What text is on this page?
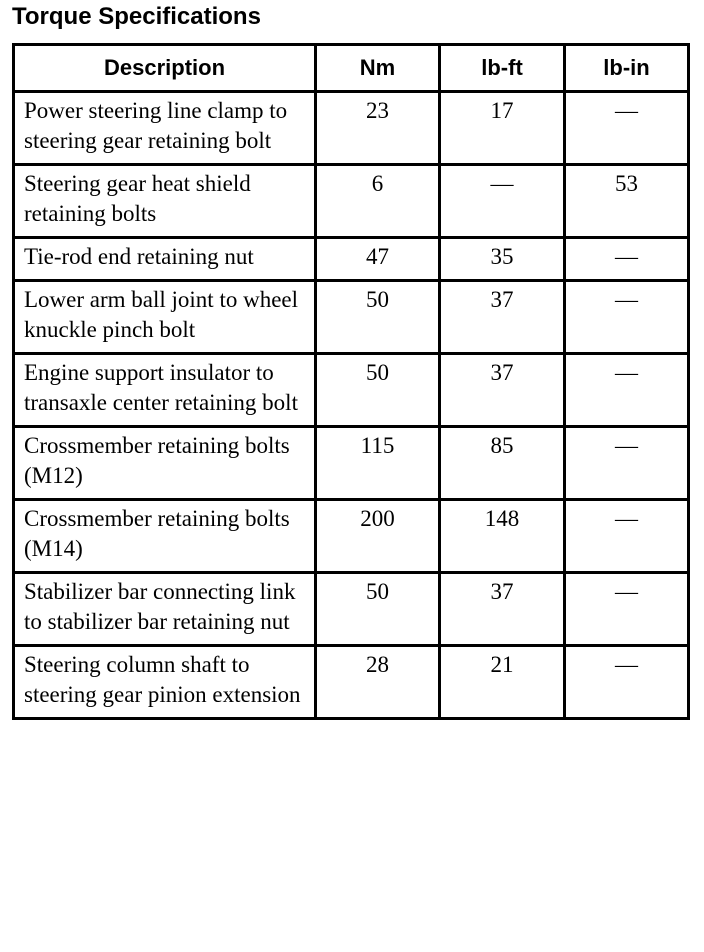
Torque Specifications
Description	Nm	lb-ft	lb-in
Power steering line clamp to steering gear retaining bolt	23	17	—
Steering gear heat shield retaining bolts	6	—	53
Tie-rod end retaining nut	47	35	—
Lower arm ball joint to wheel knuckle pinch bolt	50	37	—
Engine support insulator to transaxle center retaining bolt	50	37	—
Crossmember retaining bolts (M12)	115	85	—
Crossmember retaining bolts (M14)	200	148	—
Stabilizer bar connecting link to stabilizer bar retaining nut	50	37	—
Steering column shaft to steering gear pinion extension	28	21	—
